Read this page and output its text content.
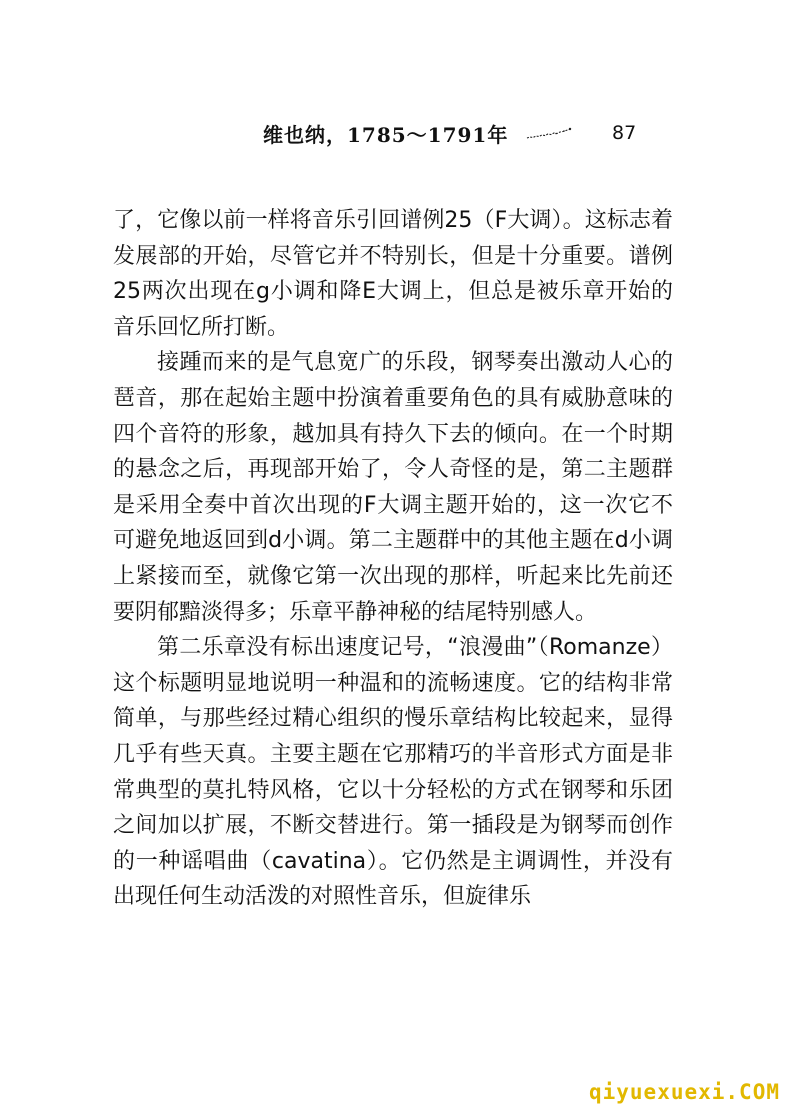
维也纳，1785～1791年	87

了，它像以前一样将音乐引回谱例25（F大调）。这标志着发展部的开始，尽管它并不特别长，但是十分重要。谱例25两次出现在g小调和降E大调上，但总是被乐章开始的音乐回忆所打断。

接踵而来的是气息宽广的乐段，钢琴奏出激动人心的琶音，那在起始主题中扮演着重要角色的具有威胁意味的四个音符的形象，越加具有持久下去的倾向。在一个时期的悬念之后，再现部开始了，令人奇怪的是，第二主题群是采用全奏中首次出现的F大调主题开始的，这一次它不可避免地返回到d小调。第二主题群中的其他主题在d小调上紧接而至，就像它第一次出现的那样，听起来比先前还要阴郁黯淡得多；乐章平静神秘的结尾特别感人。

第二乐章没有标出速度记号，“浪漫曲”（Romanze）这个标题明显地说明一种温和的流畅速度。它的结构非常简单，与那些经过精心组织的慢乐章结构比较起来，显得几乎有些天真。主要主题在它那精巧的半音形式方面是非常典型的莫扎特风格，它以十分轻松的方式在钢琴和乐团之间加以扩展，不断交替进行。第一插段是为钢琴而创作的一种谣唱曲（cavatina）。它仍然是主调调性，并没有出现任何生动活泼的对照性音乐，但旋律乐

qiyuexuexi.COM
